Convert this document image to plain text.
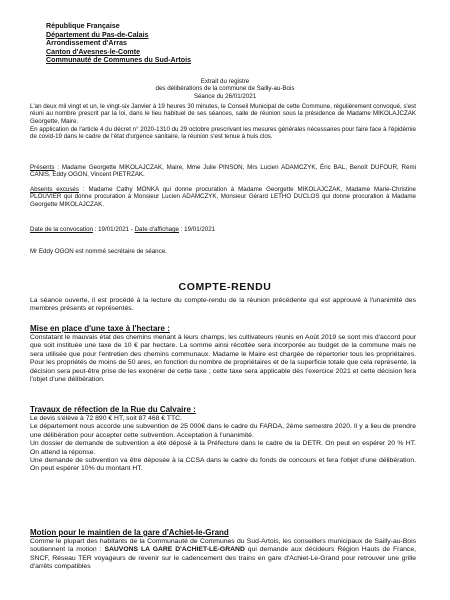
République Française
Département du Pas-de-Calais
Arrondissement d'Arras
Canton d'Avesnes-le-Comte
Communauté de Communes du Sud-Artois
Extrait du registre
des délibérations de la commune de Sailly-au-Bois
Séance du 26/01/2021
L'an deux mil vingt et un, le vingt-six Janvier à 19 heures 30 minutes, le Conseil Municipal de cette Commune, régulièrement convoqué, s'est réuni au nombre prescrit par la loi, dans le lieu habituel de ses séances, salle de réunion sous la présidence de Madame MIKOLAJCZAK Georgette, Maire.
En application de l'article 4 du décret n° 2020-1310 du 29 octobre prescrivant les mesures générales nécessaires pour faire face à l'épidémie de covid-19 dans le cadre de l'état d'urgence sanitaire, la réunion s'est tenue à huis clos.
Présents : Madame Georgette MIKOLAJCZAK, Maire, Mme Julie PINSON, Mrs Lucien ADAMCZYK, Éric BAL, Benoît DUFOUR, Rémi CANIS, Eddy OGON, Vincent PIETRZAK.
Absents excusés : Madame Cathy MONKA qui donne procuration à Madame Georgette MIKOLAJCZAK, Madame Marie-Christine PLOUVIER qui donne procuration à Monsieur Lucien ADAMCZYK, Monsieur Gérard LETHO DUCLOS qui donne procuration à Madame Georgette MIKOLAJCZAK.
Date de la convocation : 19/01/2021 - Date d'affichage : 19/01/2021
Mr Eddy OGON est nommé secrétaire de séance.
COMPTE-RENDU
La séance ouverte, il est procédé à la lecture du compte-rendu de la réunion précédente qui est approuvé à l'unanimité des membres présents et représentés.
Mise en place d'une taxe à l'hectare :
Constatant le mauvais état des chemins menant à leurs champs, les cultivateurs réunis en Août 2019 se sont mis d'accord pour que soit instituée une taxe de 10 € par hectare. La somme ainsi récoltée sera incorporée au budget de la commune mais ne sera utilisée que pour l'entretien des chemins communaux. Madame le Maire est chargée de répertorier tous les propriétaires. Pour les propriétés de moins de 50 ares, en fonction du nombre de propriétaires et de la superficie totale que cela représente, la décision sera peut-être prise de les exonérer de cette taxe ; cette taxe sera applicable dès l'exercice 2021 et cette décision fera l'objet d'une délibération.
Travaux de réfection de la Rue du Calvaire :

Le devis s'élève à 72 890 € HT, soit 87 468 € TTC.

Le département nous accorde une subvention de 25 000€ dans le cadre du FARDA, 2ème semestre 2020. Il y a lieu de prendre une délibération pour accepter cette subvention. Acceptation à l'unanimité.

Un dossier de demande de subvention a été déposé à la Préfecture dans le cadre de la DETR. On peut en espérer 20 % HT. On attend la réponse.

Une demande de subvention va être déposée à la CCSA dans le cadre du fonds de concours et fera l'objet d'une délibération. On peut espérer 10% du montant HT.

Motion pour le maintien de la gare d'Achiet-le-Grand
Comme le plupart des habitants de la Communauté de Communes du Sud-Artois, les conseillers municipaux de Sailly-au-Bois soutiennent la motion : SAUVONS LA GARE D'ACHIET-LE-GRAND qui demande aux décideurs Région Hauts de France, SNCF, Réseau TER voyageurs de revenir sur le cadencement des trains en gare d'Achiet-Le-Grand pour retrouver une grille d'arrêts compatibles
